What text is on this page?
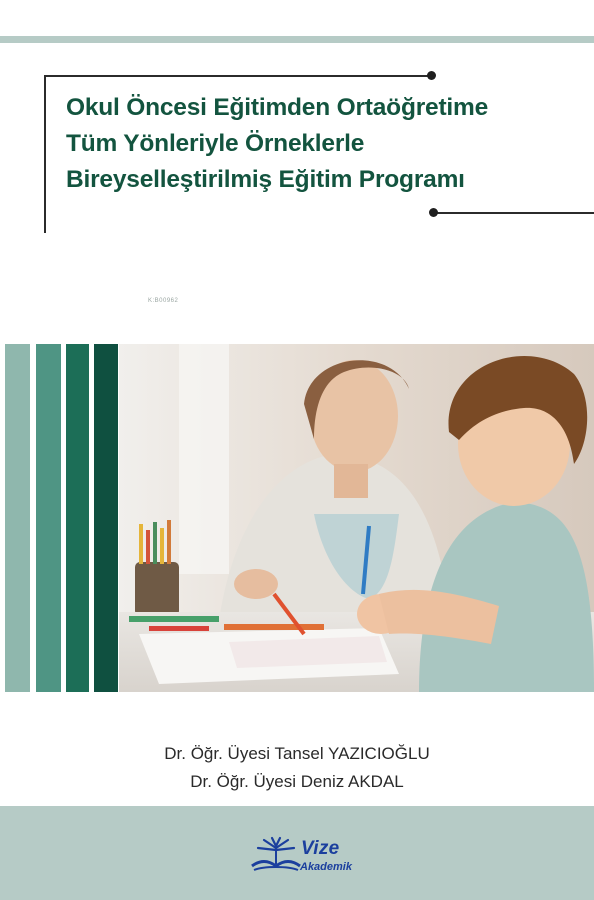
Okul Öncesi Eğitimden Ortaöğretime
Tüm Yönleriyle Örneklerle
Bireyselleştirilmiş Eğitim Programı
K:B00962
Dr. Öğr. Üyesi Tansel YAZICIOĞLU
Dr. Öğr. Üyesi Deniz AKDAL
Vize
Akademik
